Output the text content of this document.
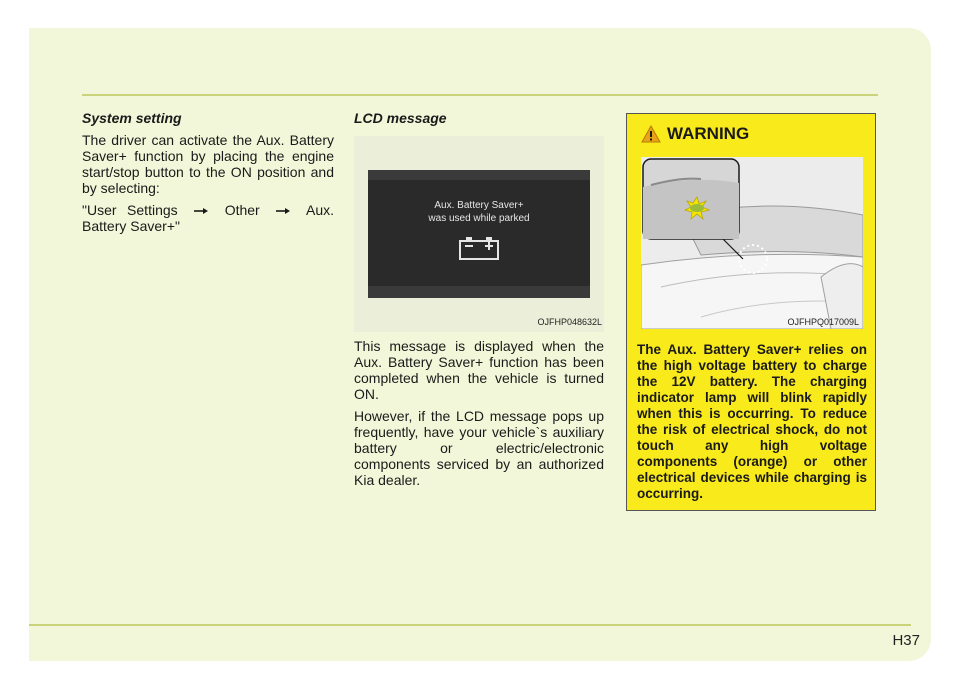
H37
System setting

The driver can activate the Aux. Battery Saver+ function by placing the engine start/stop button to the ON position and by selecting:

"User Settings	Other	Aux. Battery Saver+"

LCD message
Aux. Battery Saver+
was used while parked
OJFHP048632L

This message is displayed when the Aux. Battery Saver+ function has been completed when the vehicle is turned ON.

However, if the LCD message pops up frequently, have your vehicle`s auxiliary battery or electric/electronic components serviced by an authorized Kia dealer.

WARNING
OJFHPQ017009L

The Aux. Battery Saver+ relies on the high voltage battery to charge the 12V battery. The charging indicator lamp will blink rapidly when this is occurring. To reduce the risk of electrical shock, do not touch any high voltage components (orange) or other electrical devices while charging is occurring.
